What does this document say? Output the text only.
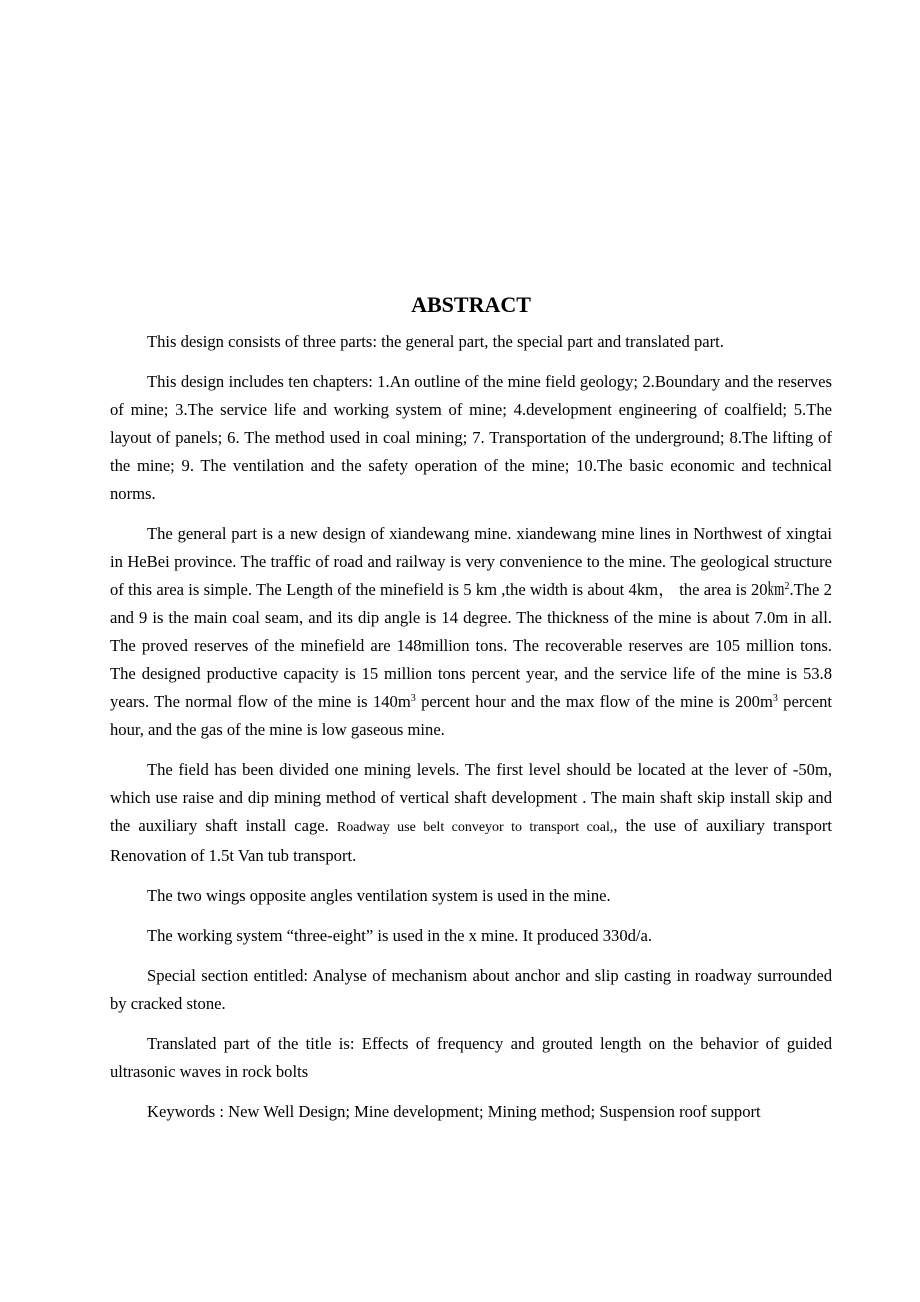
ABSTRACT

This design consists of three parts: the general part, the special part and translated part.

This design includes ten chapters: 1.An outline of the mine field geology; 2.Boundary and the reserves of mine; 3.The service life and working system of mine; 4.development engineering of coalfield; 5.The layout of panels; 6. The method used in coal mining; 7. Transportation of the underground; 8.The lifting of the mine; 9. The ventilation and the safety operation of the mine; 10.The basic economic and technical norms.

The general part is a new design of xiandewang mine. xiandewang mine lines in Northwest of xingtai in HeBei province. The traffic of road and railway is very convenience to the mine. The geological structure of this area is simple. The Length of the minefield is 5 km ,the width is about 4km， the area is 20㎞$^2$.The 2 and 9 is the main coal seam, and its dip angle is 14 degree. The thickness of the mine is about 7.0m in all. The proved reserves of the minefield are 148million tons. The recoverable reserves are 105 million tons. The designed productive capacity is 15 million tons percent year, and the service life of the mine is 53.8 years. The normal flow of the mine is $140m^3$ percent hour and the max flow of the mine is $200m^3$ percent hour, and the gas of the mine is low gaseous mine.

The field has been divided one mining levels. The first level should be located at the lever of -50m, which use raise and dip mining method of vertical shaft development . The main shaft skip install skip and the auxiliary shaft install cage. Roadway use belt conveyor to transport coal,, the use of auxiliary transport Renovation of 1.5t Van tub transport.

The two wings opposite angles ventilation system is used in the mine.

The working system “three-eight” is used in the x mine. It produced 330d/a.

Special section entitled: Analyse of mechanism about anchor and slip casting in roadway surrounded by cracked stone.

Translated part of the title is: Effects of frequency and grouted length on the behavior of guided ultrasonic waves in rock bolts

Keywords : New Well Design; Mine development; Mining method; Suspension roof support
